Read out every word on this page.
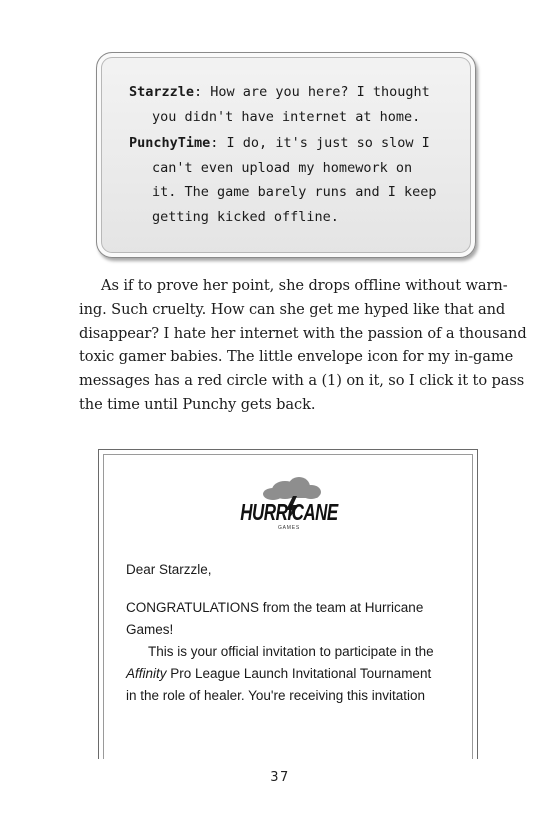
Starzzle: How are you here? I thought
you didn't have internet at home.
PunchyTime: I do, it's just so slow I
can't even upload my homework on
it. The game barely runs and I keep
getting kicked offline.
As if to prove her point, she drops offline without warn-
ing. Such cruelty. How can she get me hyped like that and
disappear? I hate her internet with the passion of a thousand
toxic gamer babies. The little envelope icon for my in-game
messages has a red circle with a (1) on it, so I click it to pass
the time until Punchy gets back.
HURRICANE
GAMES
Dear Starzzle,
CONGRATULATIONS from the team at Hurricane
Games!
This is your official invitation to participate in the
Affinity Pro League Launch Invitational Tournament
in the role of healer. You're receiving this invitation
37
